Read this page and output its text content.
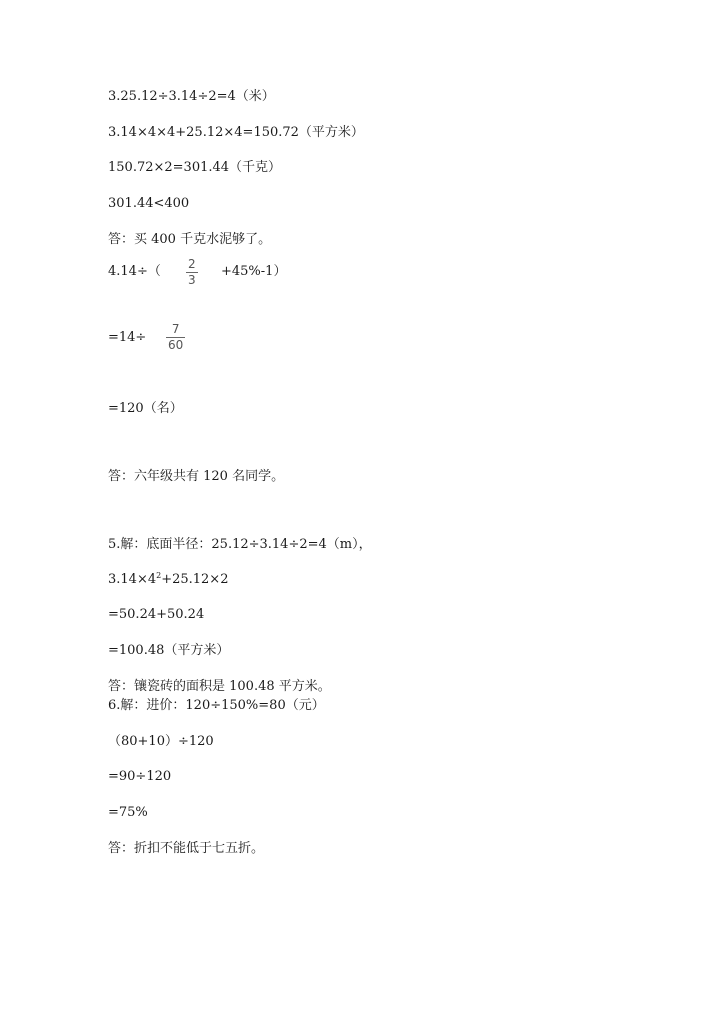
3.25.12÷3.14÷2=4（米）
3.14×4×4+25.12×4=150.72（平方米）
150.72×2=301.44（千克）
301.44<400
答：买 400 千克水泥够了。
4.14÷（ 2
3
+45%-1）
=14÷
7
60
=120（名）
答：六年级共有 120 名同学。
5.解：底面半径：25.12÷3.14÷2=4（m），
$3.14\times 4^2+25.12\times 2$
=50.24+50.24
=100.48（平方米）
答：镶瓷砖的面积是 100.48 平方米。
6.解：进价：120÷150%=80（元）
（80+10）÷120
=90÷120
=75%
答：折扣不能低于七五折。
